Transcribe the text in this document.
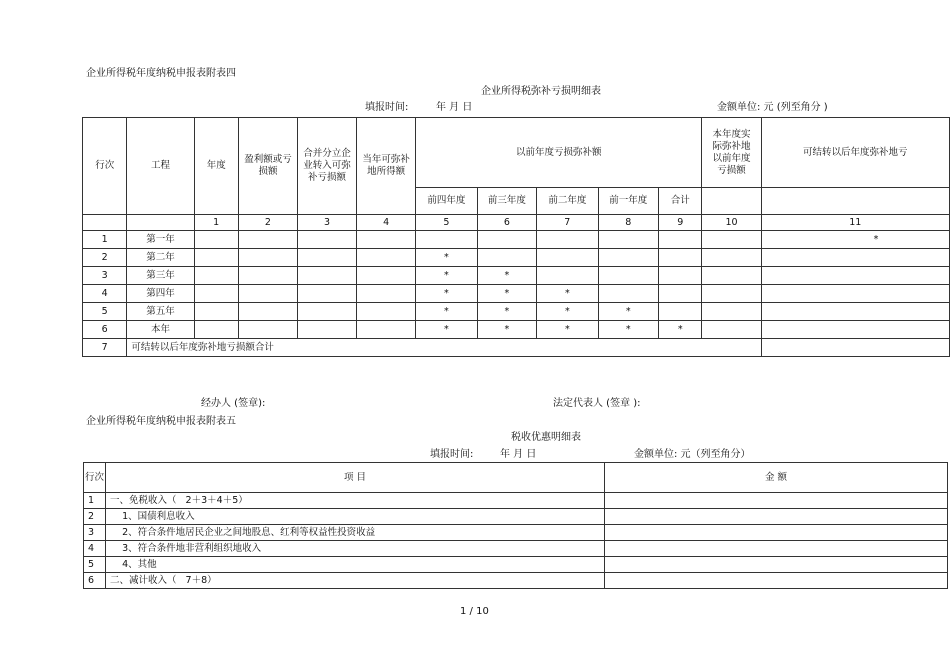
企业所得税年度纳税申报表附表四
企业所得税弥补亏损明细表
填报时间:	年 月 日	金额单位: 元 (列至角分 )
行次	工程	年度	盈利额或亏损额	合并分立企业转入可弥补亏损额	当年可弥补地所得额	以前年度亏损弥补额					本年度实际弥补地以前年度亏损额	可结转以后年度弥补地亏
						前四年度	前三年度	前二年度	前一年度	合计		
		1	2	3	4	5	6	7	8	9	10	11
1	第一年											*
2	第二年					*						
3	第三年					*	*					
4	第四年					*	*	*				
5	第五年					*	*	*	*			
6	本年					*	*	*	*	*		
7	可结转以后年度弥补地亏损额合计											
经办人 (签章):	法定代表人 (签章 ):
企业所得税年度纳税申报表附表五
税收优惠明细表
填报时间:	年 月 日	金额单位: 元（列至角分）
行次	项 目	金 额
1	一、免税收入（   2＋3＋4＋5）	
2	1、国债利息收入	
3	2、符合条件地居民企业之间地股息、红利等权益性投资收益	
4	3、符合条件地非营利组织地收入	
5	4、其他	
6	二、减计收入（   7＋8）	
1 / 10
